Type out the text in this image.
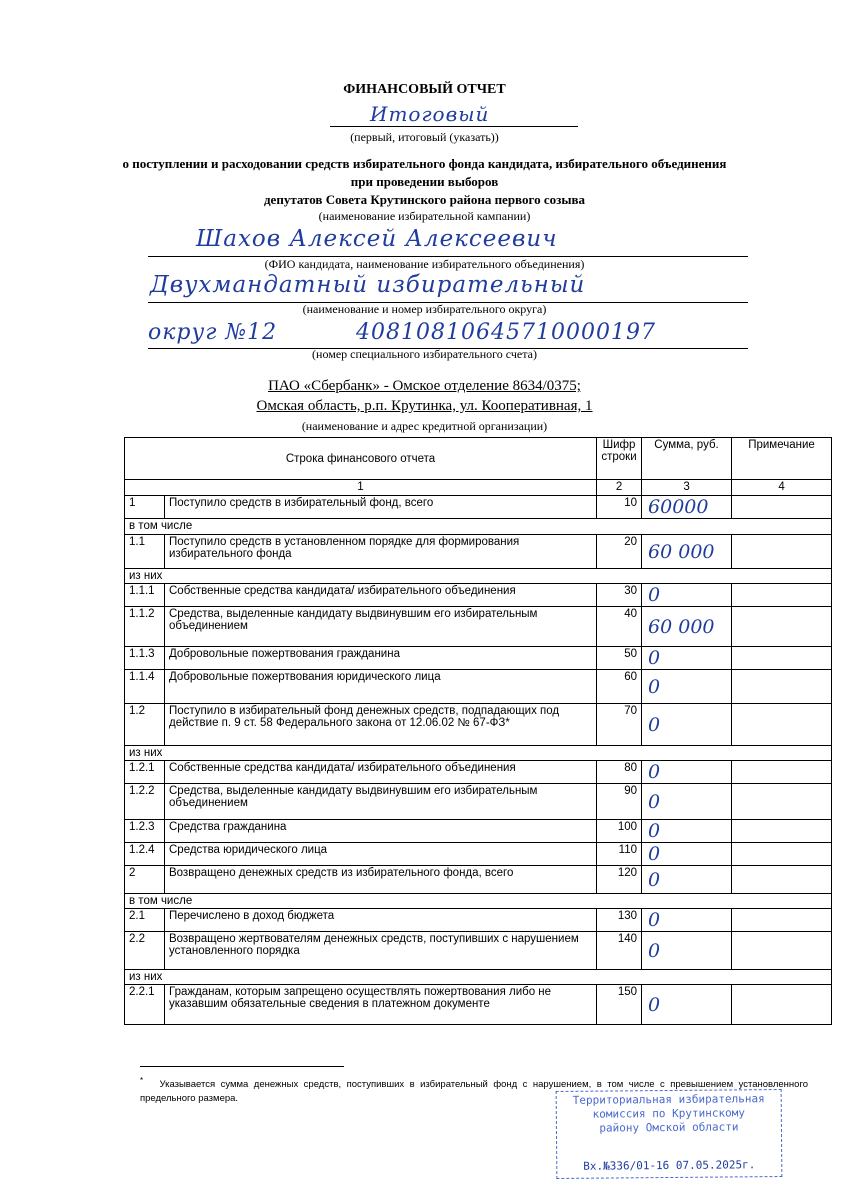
ФИНАНСОВЫЙ ОТЧЕТ
Итоговый
(первый, итоговый (указать))
о поступлении и расходовании средств избирательного фонда кандидата, избирательного объединения
при проведении выборов
депутатов Совета Крутинского района первого созыва
(наименование избирательной кампании)
Шахов Алексей Алексеевич
(ФИО кандидата, наименование избирательного объединения)
Двухмандатный избирательный
(наименование и номер избирательного округа)
округ №12	40810810645710000197
(номер специального избирательного счета)
ПАО «Сбербанк» - Омское отделение 8634/0375;
Омская область, р.п. Крутинка, ул. Кооперативная, 1
(наименование и адрес кредитной организации)
Строка финансового отчета		Шифр строки	Сумма, руб.	Примечание
1		2	3	4
1	Поступило средств в избирательный фонд, всего	10	60000	
в том числе				
1.1	Поступило средств в установленном порядке для формирования избирательного фонда	20	60 000	
из них				
1.1.1	Собственные средства кандидата/ избирательного объединения	30	0	
1.1.2	Средства, выделенные кандидату выдвинувшим его избирательным объединением	40	60 000	
1.1.3	Добровольные пожертвования гражданина	50	0	
1.1.4	Добровольные пожертвования юридического лица	60	0	
1.2	Поступило в избирательный фонд денежных средств, подпадающих под действие п. 9 ст. 58 Федерального закона от 12.06.02 № 67-ФЗ*	70	0	
из них				
1.2.1	Собственные средства кандидата/ избирательного объединения	80	0	
1.2.2	Средства, выделенные кандидату выдвинувшим его избирательным объединением	90	0	
1.2.3	Средства гражданина	100	0	
1.2.4	Средства юридического лица	110	0	
2	Возвращено денежных средств из избирательного фонда, всего	120	0	
в том числе				
2.1	Перечислено в доход бюджета	130	0	
2.2	Возвращено жертвователям денежных средств, поступивших с нарушением установленного порядка	140	0	
из них				
2.2.1	Гражданам, которым запрещено осуществлять пожертвования либо не указавшим обязательные сведения в платежном документе	150	0	
* Указывается сумма денежных средств, поступивших в избирательный фонд с нарушением, в том числе с превышением установленного предельного размера.	Территориальная избирательная
комиссия по Крутинскому
району Омской области
Вх.№336/01-16 07.05.2025г.
